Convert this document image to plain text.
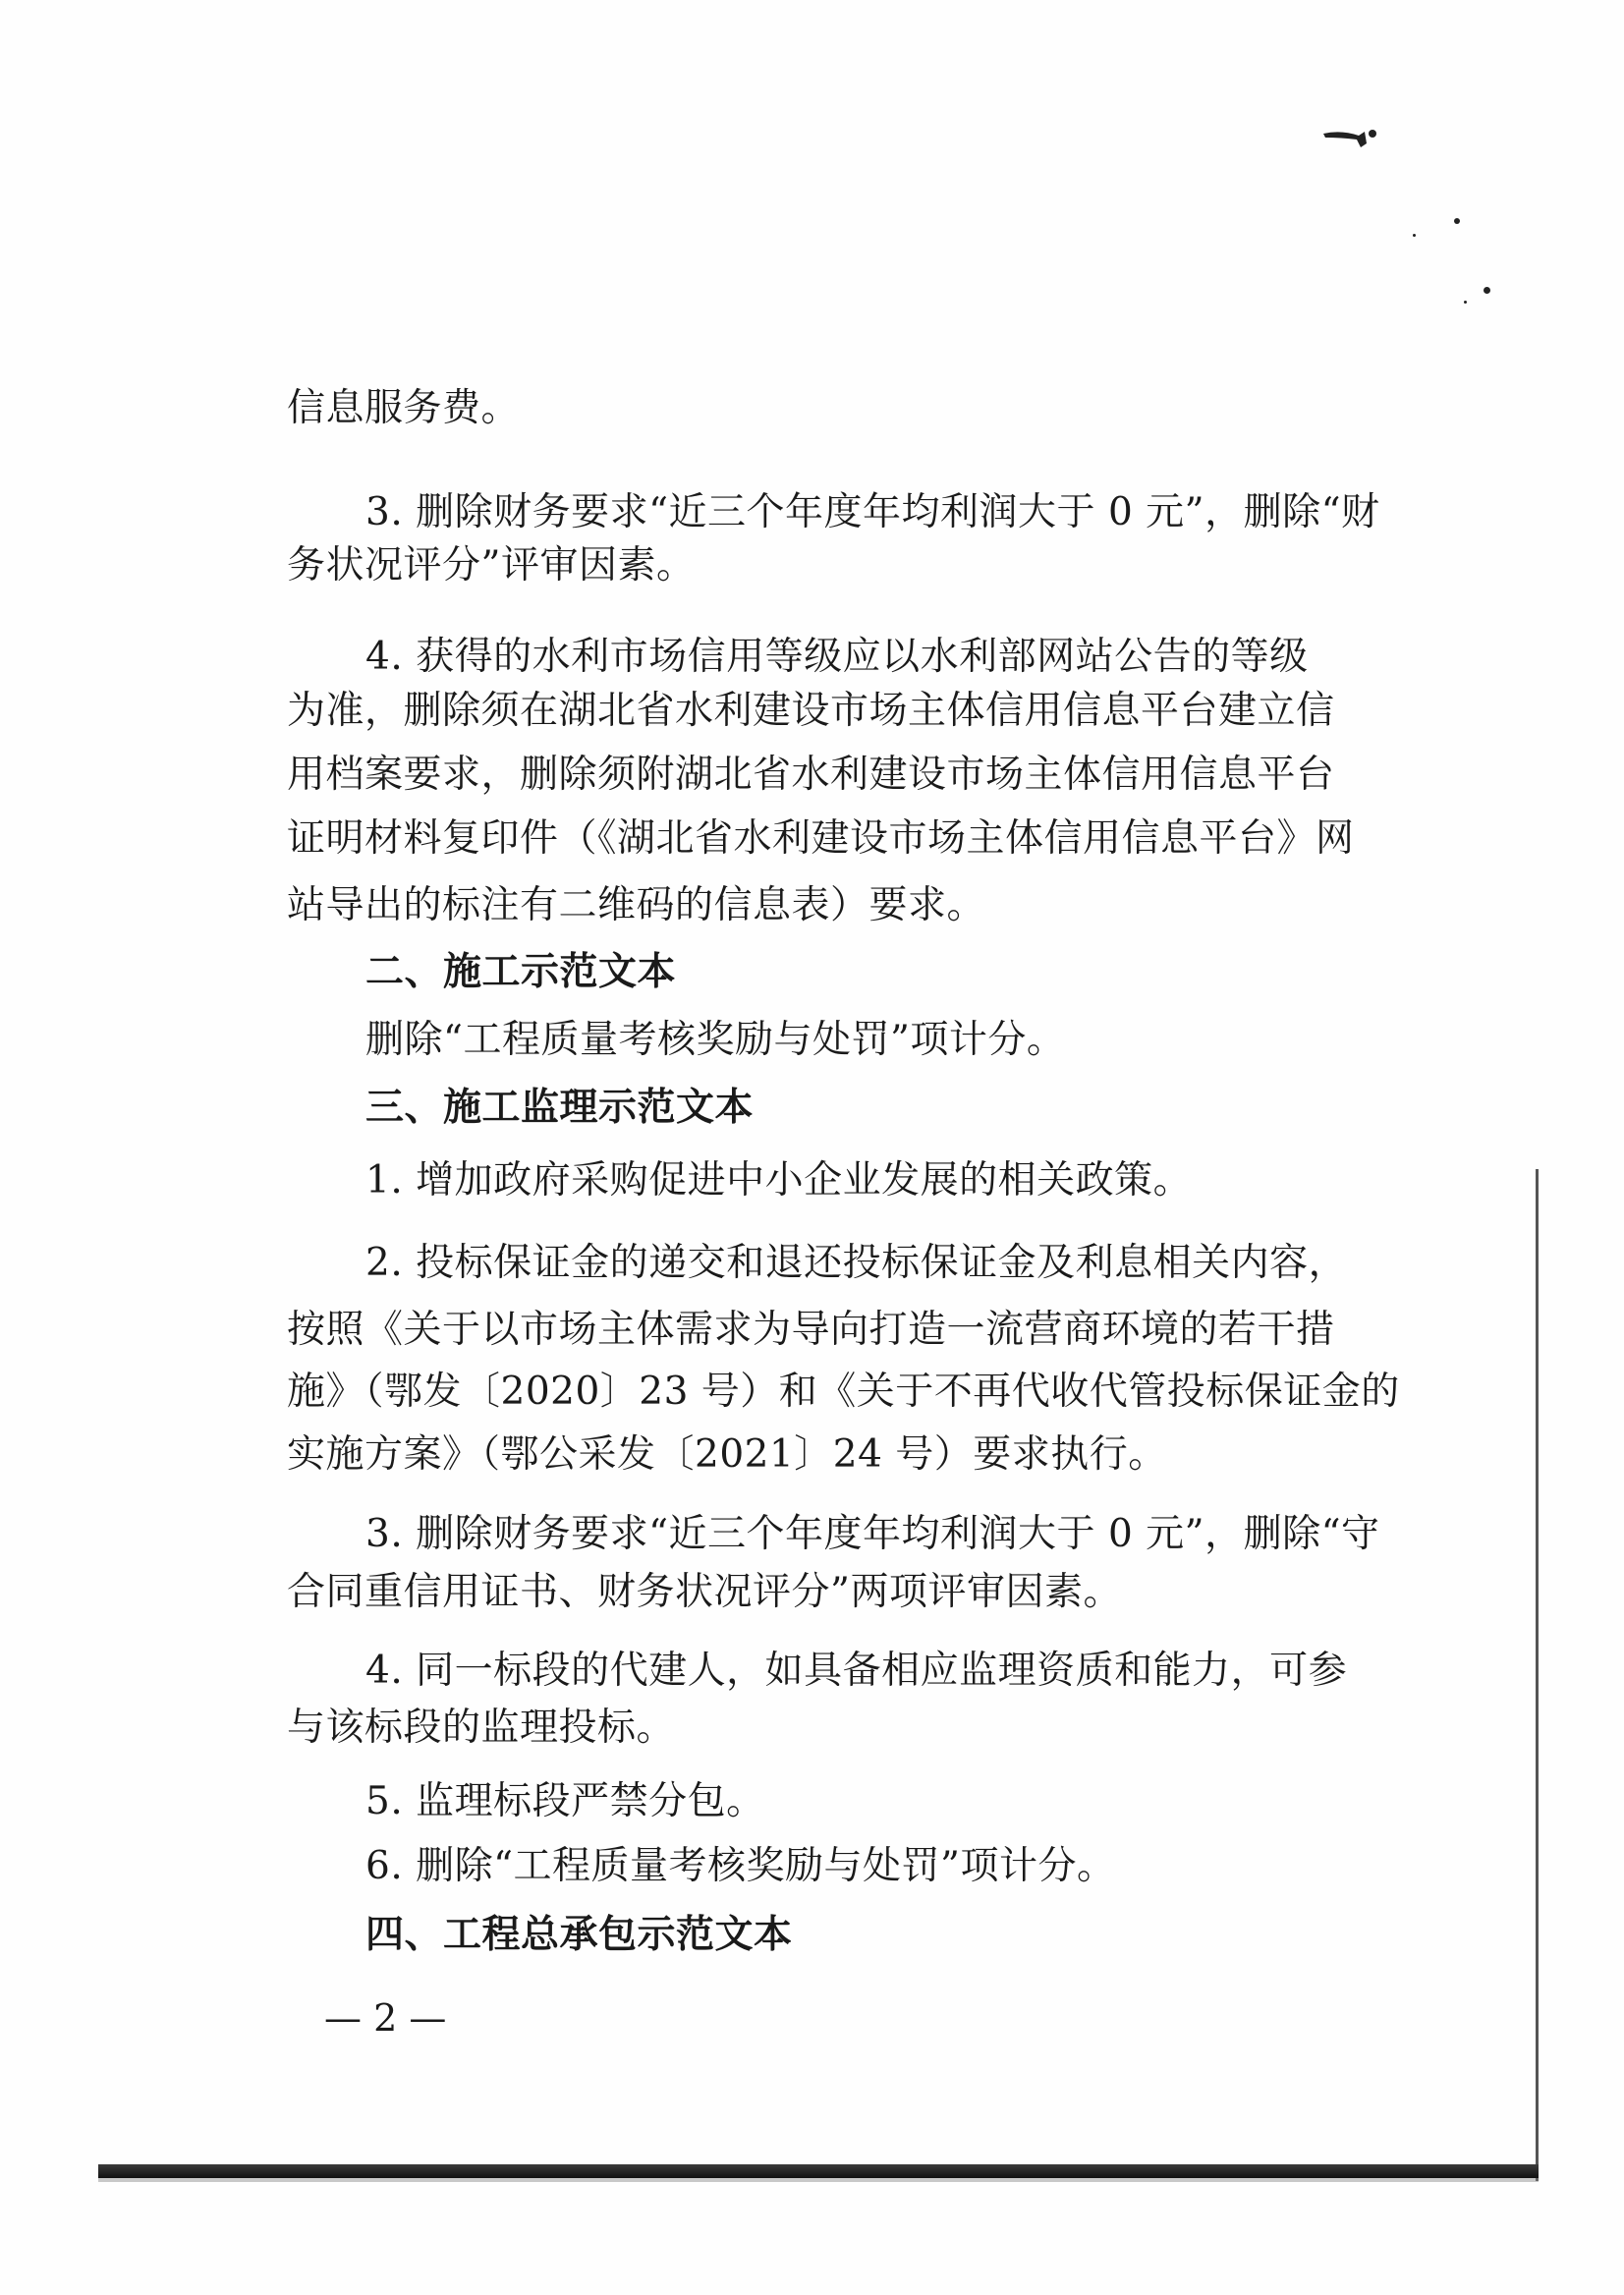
信息服务费。
3. 删除财务要求“近三个年度年均利润大于 0 元”，删除“财
务状况评分”评审因素。
4. 获得的水利市场信用等级应以水利部网站公告的等级
为准，删除须在湖北省水利建设市场主体信用信息平台建立信
用档案要求，删除须附湖北省水利建设市场主体信用信息平台
证明材料复印件（《湖北省水利建设市场主体信用信息平台》网
站导出的标注有二维码的信息表）要求。
二、施工示范文本
删除“工程质量考核奖励与处罚”项计分。
三、施工监理示范文本
1. 增加政府采购促进中小企业发展的相关政策。
2. 投标保证金的递交和退还投标保证金及利息相关内容，
按照《关于以市场主体需求为导向打造一流营商环境的若干措
施》（鄂发〔2020〕23 号）和《关于不再代收代管投标保证金的
实施方案》（鄂公采发〔2021〕24 号）要求执行。
3. 删除财务要求“近三个年度年均利润大于 0 元”，删除“守
合同重信用证书、财务状况评分”两项评审因素。
4. 同一标段的代建人，如具备相应监理资质和能力，可参
与该标段的监理投标。
5. 监理标段严禁分包。
6. 删除“工程质量考核奖励与处罚”项计分。
四、工程总承包示范文本
— 2 —
